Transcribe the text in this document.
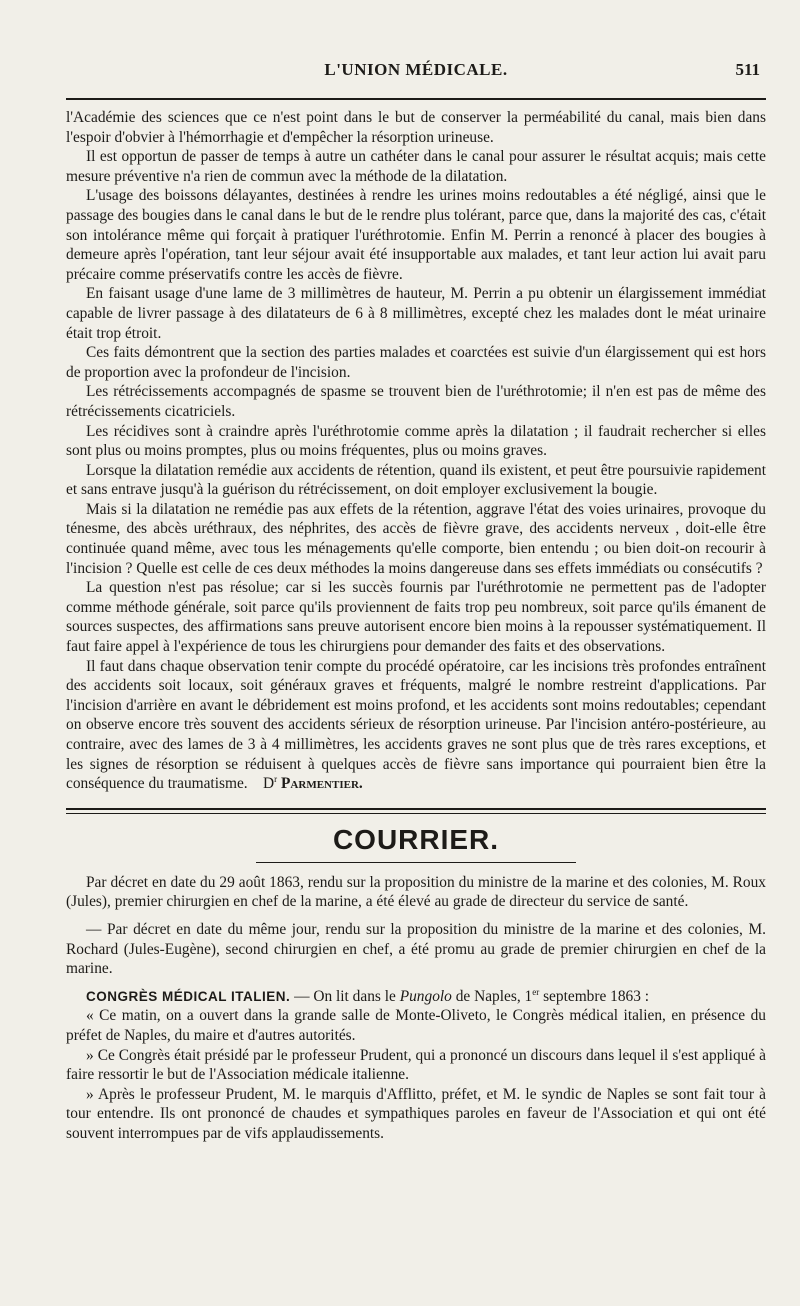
L'UNION MÉDICALE.	511

l'Académie des sciences que ce n'est point dans le but de conserver la perméabilité du canal, mais bien dans l'espoir d'obvier à l'hémorrhagie et d'empêcher la résorption urineuse.

Il est opportun de passer de temps à autre un cathéter dans le canal pour assurer le résultat acquis; mais cette mesure préventive n'a rien de commun avec la méthode de la dilatation.

L'usage des boissons délayantes, destinées à rendre les urines moins redoutables a été négligé, ainsi que le passage des bougies dans le canal dans le but de le rendre plus tolérant, parce que, dans la majorité des cas, c'était son intolérance même qui forçait à pratiquer l'uréthrotomie. Enfin M. Perrin a renoncé à placer des bougies à demeure après l'opération, tant leur séjour avait été insupportable aux malades, et tant leur action lui avait paru précaire comme préservatifs contre les accès de fièvre.

En faisant usage d'une lame de 3 millimètres de hauteur, M. Perrin a pu obtenir un élargissement immédiat capable de livrer passage à des dilatateurs de 6 à 8 millimètres, excepté chez les malades dont le méat urinaire était trop étroit.

Ces faits démontrent que la section des parties malades et coarctées est suivie d'un élargissement qui est hors de proportion avec la profondeur de l'incision.

Les rétrécissements accompagnés de spasme se trouvent bien de l'uréthrotomie; il n'en est pas de même des rétrécissements cicatriciels.

Les récidives sont à craindre après l'uréthrotomie comme après la dilatation ; il faudrait rechercher si elles sont plus ou moins promptes, plus ou moins fréquentes, plus ou moins graves.

Lorsque la dilatation remédie aux accidents de rétention, quand ils existent, et peut être poursuivie rapidement et sans entrave jusqu'à la guérison du rétrécissement, on doit employer exclusivement la bougie.

Mais si la dilatation ne remédie pas aux effets de la rétention, aggrave l'état des voies urinaires, provoque du ténesme, des abcès uréthraux, des néphrites, des accès de fièvre grave, des accidents nerveux , doit-elle être continuée quand même, avec tous les ménagements qu'elle comporte, bien entendu ; ou bien doit-on recourir à l'incision ? Quelle est celle de ces deux méthodes la moins dangereuse dans ses effets immédiats ou consécutifs ?

La question n'est pas résolue; car si les succès fournis par l'uréthrotomie ne permettent pas de l'adopter comme méthode générale, soit parce qu'ils proviennent de faits trop peu nombreux, soit parce qu'ils émanent de sources suspectes, des affirmations sans preuve autorisent encore bien moins à la repousser systématiquement. Il faut faire appel à l'expérience de tous les chirurgiens pour demander des faits et des observations.

Il faut dans chaque observation tenir compte du procédé opératoire, car les incisions très profondes entraînent des accidents soit locaux, soit généraux graves et fréquents, malgré le nombre restreint d'applications. Par l'incision d'arrière en avant le débridement est moins profond, et les accidents sont moins redoutables; cependant on observe encore très souvent des accidents sérieux de résorption urineuse. Par l'incision antéro-postérieure, au contraire, avec des lames de 3 à 4 millimètres, les accidents graves ne sont plus que de très rares exceptions, et les signes de résorption se réduisent à quelques accès de fièvre sans importance qui pourraient bien être la conséquence du traumatisme. $D^r$ Parmentier.

COURRIER.

Par décret en date du 29 août 1863, rendu sur la proposition du ministre de la marine et des colonies, M. Roux (Jules), premier chirurgien en chef de la marine, a été élevé au grade de directeur du service de santé.

— Par décret en date du même jour, rendu sur la proposition du ministre de la marine et des colonies, M. Rochard (Jules-Eugène), second chirurgien en chef, a été promu au grade de premier chirurgien en chef de la marine.

CONGRÈS MÉDICAL ITALIEN. — On lit dans le Pungolo de Naples, 1er septembre 1863 :

« Ce matin, on a ouvert dans la grande salle de Monte-Oliveto, le Congrès médical italien, en présence du préfet de Naples, du maire et d'autres autorités.

» Ce Congrès était présidé par le professeur Prudent, qui a prononcé un discours dans lequel il s'est appliqué à faire ressortir le but de l'Association médicale italienne.

» Après le professeur Prudent, M. le marquis d'Afflitto, préfet, et M. le syndic de Naples se sont fait tour à tour entendre. Ils ont prononcé de chaudes et sympathiques paroles en faveur de l'Association et qui ont été souvent interrompues par de vifs applaudissements.
